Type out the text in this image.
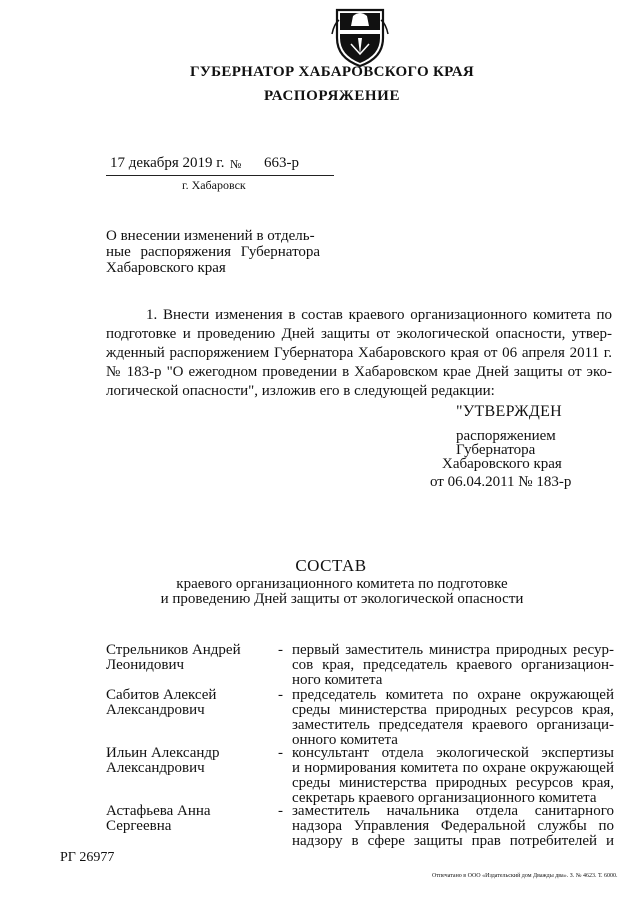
ГУБЕРНАТОР ХАБАРОВСКОГО КРАЯ
РАСПОРЯЖЕНИЕ
17 декабря 2019 г. № 663-р
г. Хабаровск
О внесении изменений в отдель-
ные распоряжения Губернатора
Хабаровского края
1. Внести изменения в состав краевого организационного комитета по
подготовке и проведению Дней защиты от экологической опасности, утвер-
жденный распоряжением Губернатора Хабаровского края от 06 апреля 2011 г.
№ 183-р "О ежегодном проведении в Хабаровском крае Дней защиты от эко-
логической опасности", изложив его в следующей редакции:
"УТВЕРЖДЕН
распоряжением
Губернатора
Хабаровского края
от 06.04.2011 № 183-р
СОСТАВ
краевого организационного комитета по подготовке
и проведению Дней защиты от экологической опасности
Стрельников Андрей
Леонидович
- первый заместитель министра природных ресур-
сов края, председатель краевого организацион-
ного комитета
Сабитов Алексей
Александрович
- председатель комитета по охране окружающей
среды министерства природных ресурсов края,
заместитель председателя краевого организаци-
онного комитета
Ильин Александр
Александрович
- консультант отдела экологической экспертизы
и нормирования комитета по охране окружающей
среды министерства природных ресурсов края,
секретарь краевого организационного комитета
Астафьева Анна
Сергеевна
- заместитель начальника отдела санитарного
надзора Управления Федеральной службы по
надзору в сфере защиты прав потребителей и
РГ 26977
Отпечатано в ООО «Издательский дом Дважды два». З. № 4623. Т. 6000.
